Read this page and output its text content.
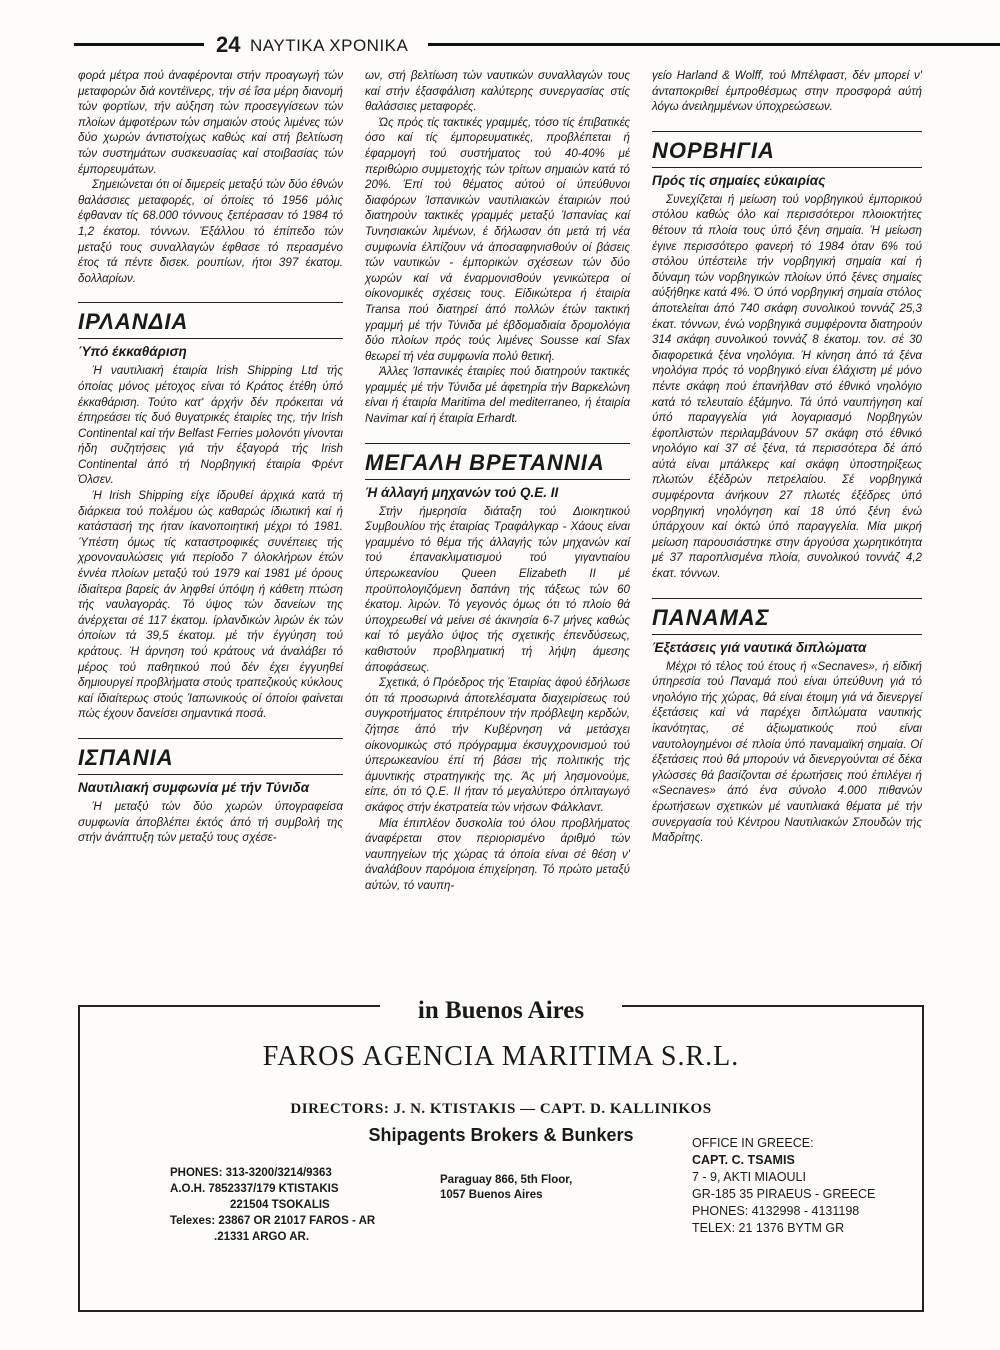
24 ΝΑΥΤΙΚΑ ΧΡΟΝΙΚΑ

φορά μέτρα πού άναφέρονται στήν προαγωγή τών μεταφορών διά κοντέϊνερς, τήν σέ ΐσα μέρη διανομή τών φορτίων, τήν αύξηση τών προσεγγίσεων τών πλοίων άμφοτέρων τών σημαιών στούς λιμένες τών δύο χωρών άντιστοίχως καθώς καί στή βελτίωση τών συστημάτων συσκευασίας καί στοιβασίας τών έμπορευμάτων.

Σημειώνεται ότι οί διμερείς μεταξύ τών δύο έθνών θαλάσσιες μεταφορές, οί όποίες τό 1956 μόλις έφθαναν τίς 68.000 τόννους ξεπέρασαν τό 1984 τό 1,2 έκατομ. τόννων. Έξάλλου τό έπίπεδο τών μεταξύ τους συναλλαγών έφθασε τό περασμένο έτος τά πέντε δισεκ. ρουπίων, ήτοι 397 έκατομ. δολλαρίων.

ΙΡΛΑΝΔΙΑ
Ύπό έκκαθάριση

Ή ναυτιλιακή έταιρία Irish Shipping Ltd τής όποίας μόνος μέτοχος είναι τό Κράτος έτέθη ύπό έκκαθάριση. Τούτο κατ' άρχήν δέν πρόκειται νά έπηρεάσει τίς δυό θυγατρικές έταιρίες της, τήν Irish Continental καί τήν Belfast Ferries μολονότι γίνονται ήδη συζητήσεις γιά τήν έξαγορά τής Irish Continental άπό τή Νορβηγική έταιρία Φρέντ Όλσεν.

Ή Irish Shipping είχε ίδρυθεί άρχικά κατά τή διάρκεια τού πολέμου ώς καθαρώς ίδιωτική καί ή κατάστασή της ήταν ίκανοποιητική μέχρι τό 1981. Ύπέστη όμως τίς καταστροφικές συνέπειες τής χρονοναυλώσεις γιά περίοδο 7 όλοκλήρων έτών έννέα πλοίων μεταξύ τού 1979 καί 1981 μέ όρους ίδιαίτερα βαρείς άν ληφθεί ύπόψη ή κάθετη πτώση τής ναυλαγοράς. Τό ύψος τών δανείων της άνέρχεται σέ 117 έκατομ. ίρλανδικών λιρών έκ τών όποίων τά 39,5 έκατομ. μέ τήν έγγύηση τού κράτους. Ή άρνηση τού κράτους νά άναλάβει τό μέρος τού παθητικού πού δέν έχει έγγυηθεί δημιουργεί προβλήματα στούς τραπεζικούς κύκλους καί ίδιαίτερως στούς Ίαπωνικούς οί όποίοι φαίνεται πώς έχουν δανείσει σημαντικά ποσά.

ΙΣΠΑΝΙΑ
Ναυτιλιακή συμφωνία μέ τήν Τύνιδα

Ή μεταξύ τών δύο χωρών ύπογραφείσα συμφωνία άποβλέπει έκτός άπό τή συμβολή της στήν άνάπτυξη τών μεταξύ τους σχέσε-

ων, στή βελτίωση τών ναυτικών συναλλαγών τους καί στήν έξασφάλιση καλύτερης συνεργασίας στίς θαλάσσιες μεταφορές.

Ώς πρός τίς τακτικές γραμμές, τόσο τίς έπιβατικές όσο καί τίς έμπορευματικές, προβλέπεται ή έφαρμογή τού συστήματος τού 40-40% μέ περιθώριο συμμετοχής τών τρίτων σημαιών κατά τό 20%. Έπί τού θέματος αύτού οί ύπεύθυνοι διαφόρων Ίσπανικών ναυτιλιακών έταιριών πού διατηρούν τακτικές γραμμές μεταξύ Ίσπανίας καί Τυνησιακών λιμένων, έ δήλωσαν ότι μετά τή νέα συμφωνία έλπίζουν νά άποσαφηνισθούν οί βάσεις τών ναυτικών - έμπορικών σχέσεων τών δύο χωρών καί νά έναρμονισθούν γενικώτερα οί οίκονομικές σχέσεις τους. Είδικώτερα ή έταιρία Transa πού διατηρεί άπό πολλών έτών τακτική γραμμή μέ τήν Τύνιδα μέ έβδομαδιαία δρομολόγια δύο πλοίων πρός τούς λιμένες Sousse καί Sfax θεωρεί τή νέα συμφωνία πολύ θετική.

Άλλες Ίσπανικές έταιρίες πού διατηρούν τακτικές γραμμές μέ τήν Τύνιδα μέ άφετηρία τήν Βαρκελώνη είναι ή έταιρία Maritima del mediterraneo, ή έταιρία Navimar καί ή έταιρία Erhardt.

ΜΕΓΑΛΗ ΒΡΕΤΑΝΝΙΑ
Ή άλλαγή μηχανών τού Q.E. II

Στήν ήμερησία διάταξη τού Διοικητικού Συμβουλίου τής έταιρίας Τραφάλγκαρ - Χάους είναι γραμμένο τό θέμα τής άλλαγής τών μηχανών καί τού έπανακλιματισμού τού γιγαντιαίου ύπερωκεανίου Queen Elizabeth II μέ προϋπολογιζόμενη δαπάνη τής τάξεως τών 60 έκατομ. λιρών. Τό γεγονός όμως ότι τό πλοίο θά ύποχρεωθεί νά μείνει σέ άκινησία 6-7 μήνες καθώς καί τό μεγάλο ύψος τής σχετικής έπενδύσεως, καθιστούν προβληματική τή λήψη άμεσης άποφάσεως.

Σχετικά, ό Πρόεδρος τής Έταιρίας άφού έδήλωσε ότι τά προσωρινά άποτελέσματα διαχειρίσεως τού συγκροτήματος έπιτρέπουν τήν πρόβλεψη κερδών, ζήτησε άπό τήν Κυβέρνηση νά μετάσχει οίκονομικώς στό πρόγραμμα έκσυγχρονισμού τού ύπερωκεανίου έπί τή βάσει τής πολιτικής τής άμυντικής στρατηγικής της. Άς μή λησμονούμε, είπε, ότι τό Q.E. II ήταν τό μεγαλύτερο όπλιταγωγό σκάφος στήν έκστρατεία τών νήσων Φάλκλαντ.

Μία έπιπλέον δυσκολία τού όλου προβλήματος άναφέρεται στον περιορισμένο άριθμό τών ναυπηγείων τής χώρας τά όποία είναι σέ θέση ν' άναλάβουν παρόμοια έπιχείρηση. Τό πρώτο μεταξύ αύτών, τό ναυπη-

γείο Harland & Wolff, τού Μπέλφαστ, δέν μπορεί ν' άνταποκριθεί έμπροθέσμως στην προσφορά αύτή λόγω άνειλημμένων ύποχρεώσεων.

ΝΟΡΒΗΓΙΑ
Πρός τίς σημαίες εύκαιρίας

Συνεχίζεται ή μείωση τού νορβηγικού έμπορικού στόλου καθώς όλο καί περισσότεροι πλοιοκτήτες θέτουν τά πλοία τους ύπό ξένη σημαία. Ή μείωση έγινε περισσότερο φανερή τό 1984 όταν 6% τού στόλου ύπέστειλε τήν νορβηγική σημαία καί ή δύναμη τών νορβηγικών πλοίων ύπό ξένες σημαίες αύξήθηκε κατά 4%. Ό ύπό νορβηγική σημαία στόλος άποτελείται άπό 740 σκάφη συνολικού τοννάζ 25,3 έκατ. τόννων, ένώ νορβηγικά συμφέροντα διατηρούν 314 σκάφη συνολικού τοννάζ 8 έκατομ. τον. σέ 30 διαφορετικά ξένα νηολόγια. Ή κίνηση άπό τά ξένα νηολόγια πρός τό νορβηγικό είναι έλάχιστη μέ μόνο πέντε σκάφη πού έπανήλθαν στό έθνικό νηολόγιο κατά τό τελευταίο έξάμηνο. Τά ύπό ναυπήγηση καί ύπό παραγγελία γιά λογαριασμό Νορβηγών έφοπλιστών περιλαμβάνουν 57 σκάφη στό έθνικό νηολόγιο καί 37 σέ ξένα, τά περισσότερα δέ άπό αύτά είναι μπάλκερς καί σκάφη ύποστηρίξεως πλωτών έξέδρών πετρελαίου. Σέ νορβηγικά συμφέροντα άνήκουν 27 πλωτές έξέδρες ύπό νορβηγική νηολόγηση καί 18 ύπό ξένη ένώ ύπάρχουν καί όκτώ ύπό παραγγελία. Μία μικρή μείωση παρουσιάστηκε στην άργούσα χωρητικότητα μέ 37 παροπλισμένα πλοία, συνολικού τοννάζ 4,2 έκατ. τόννων.

ΠΑΝΑΜΑΣ
Έξετάσεις γιά ναυτικά διπλώματα

Μέχρι τό τέλος τού έτους ή «Secnaves», ή είδική ύπηρεσία τού Παναμά πού είναι ύπεύθυνη γιά τό νηολόγιο τής χώρας, θά είναι έτοιμη γιά νά διενεργεί έξετάσεις καί νά παρέχει διπλώματα ναυτικής ίκανότητας, σέ άξιωματικούς πού είναι ναυτολογημένοι σέ πλοία ύπό παναμαϊκή σημαία. Οί έξετάσεις πού θά μπορούν νά διενεργούνται σέ δέκα γλώσσες θά βασίζονται σέ έρωτήσεις πού έπιλέγει ή «Secnaves» άπό ένα σύνολο 4.000 πιθανών έρωτήσεων σχετικών μέ ναυτιλιακά θέματα μέ τήν συνεργασία τού Κέντρου Ναυτιλιακών Σπουδών τής Μαδρίτης.

in Buenos Aires
FAROS AGENCIA MARITIMA S.R.L.
DIRECTORS: J. N. KTISTAKIS — CAPT. D. KALLINIKOS
Shipagents Brokers & Bunkers
PHONES: 313-3200/3214/9363
A.O.H. 7852337/179 KTISTAKIS
221504 TSOKALIS
Telexes: 23867 OR 21017 FAROS - AR
.21331 ARGO AR.
Paraguay 866, 5th Floor,
1057 Buenos Aires
OFFICE IN GREECE:
CAPT. C. TSAMIS
7 - 9, AKTI MIAOULI
GR-185 35 PIRAEUS - GREECE
PHONES: 4132998 - 4131198
TELEX: 21 1376 BYTM GR
